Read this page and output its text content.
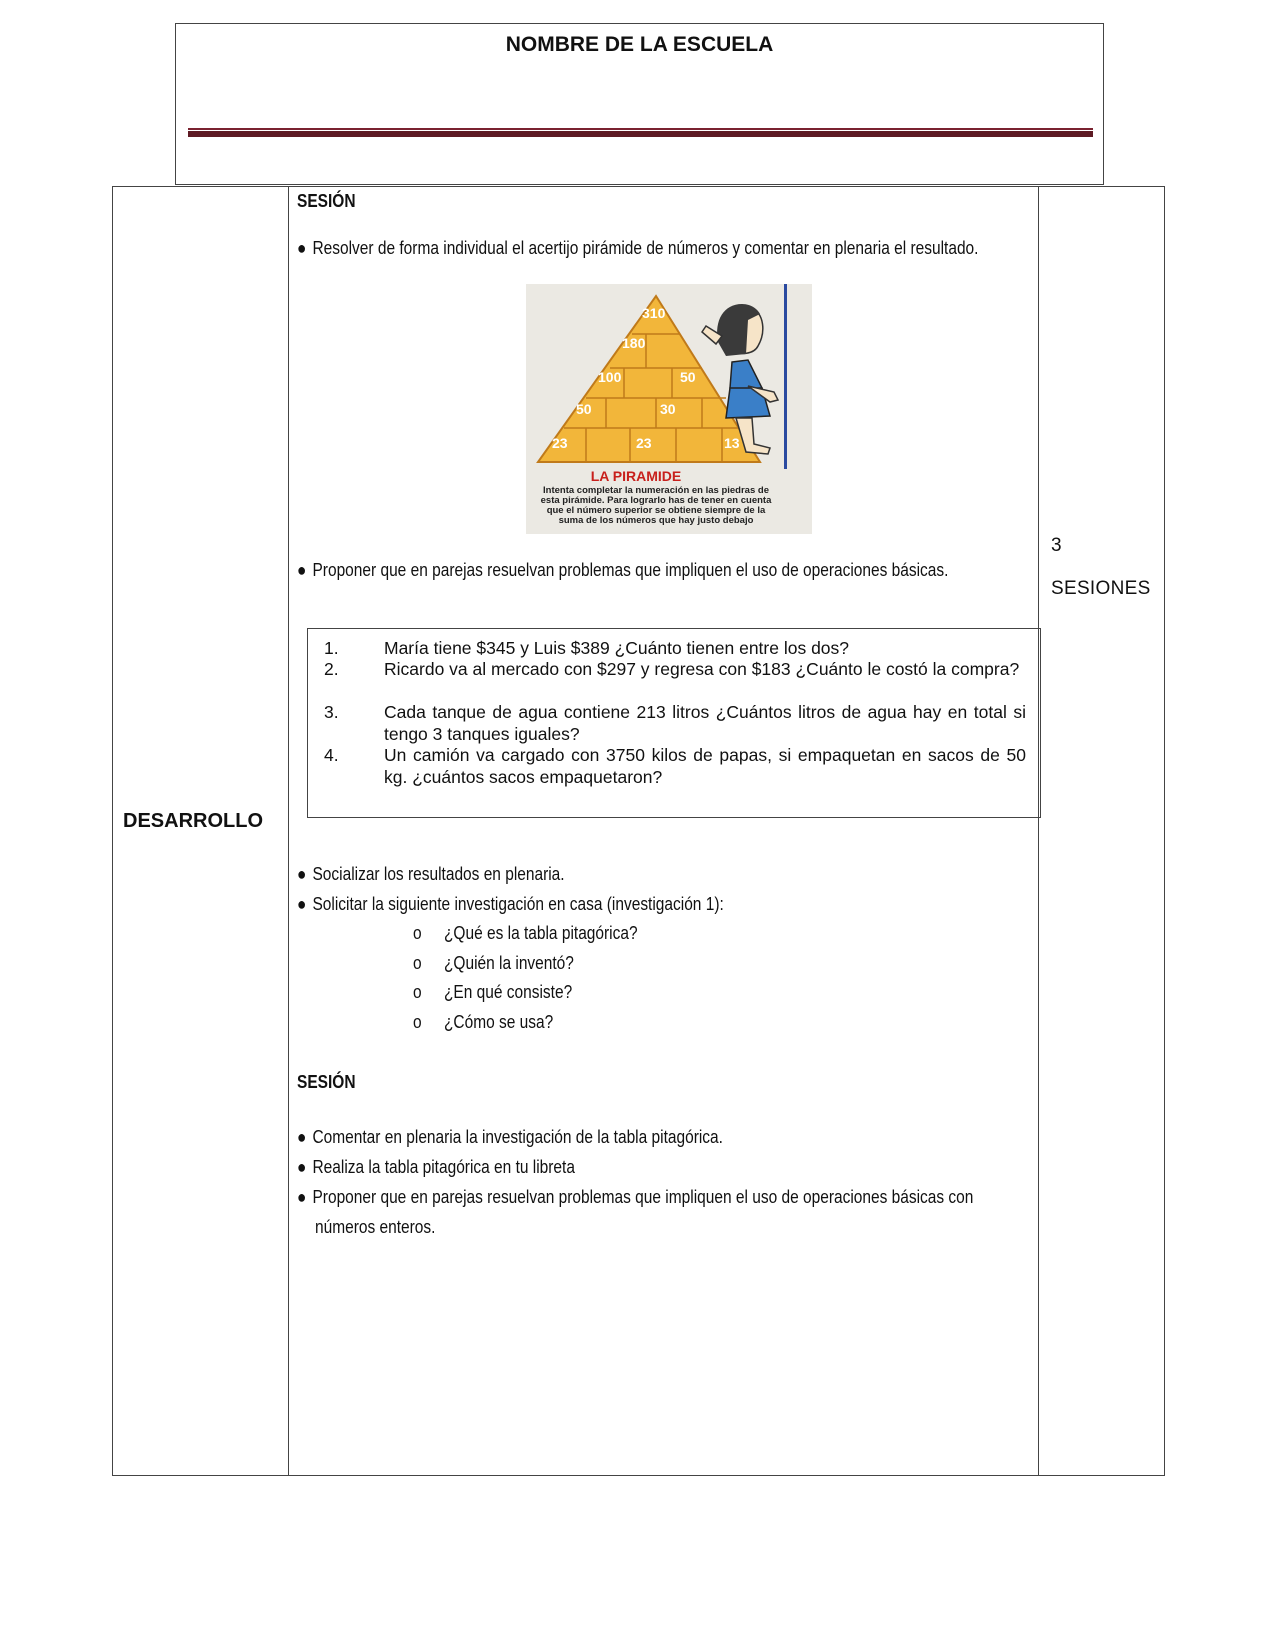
NOMBRE DE LA ESCUELA
DESARROLLO
3
SESIONES
SESIÓN
● Resolver de forma individual el acertijo pirámide de números y comentar en plenaria el resultado.
310
180
100	50
50	30
23	23	13
LA PIRAMIDE
Intenta completar la numeración en las piedras de
esta pirámide. Para lograrlo has de tener en cuenta
que el número superior se obtiene siempre de la
suma de los números que hay justo debajo
● Proponer que en parejas resuelvan problemas que impliquen el uso de operaciones básicas.
1.	María tiene $345 y Luis $389 ¿Cuánto tienen entre los dos?
2.	Ricardo va al mercado con $297 y regresa con $183 ¿Cuánto le costó la compra?
3.	Cada tanque de agua contiene 213 litros ¿Cuántos litros de agua hay en total si tengo 3 tanques iguales?
4.	Un camión va cargado con 3750 kilos de papas, si empaquetan en sacos de 50 kg. ¿cuántos sacos empaquetaron?
● Socializar los resultados en plenaria.
● Solicitar la siguiente investigación en casa (investigación 1):
o ¿Qué es la tabla pitagórica?
o ¿Quién la inventó?
o ¿En qué consiste?
o ¿Cómo se usa?
SESIÓN
● Comentar en plenaria la investigación de la tabla pitagórica.
● Realiza la tabla pitagórica en tu libreta
● Proponer que en parejas resuelvan problemas que impliquen el uso de operaciones básicas con
números enteros.
